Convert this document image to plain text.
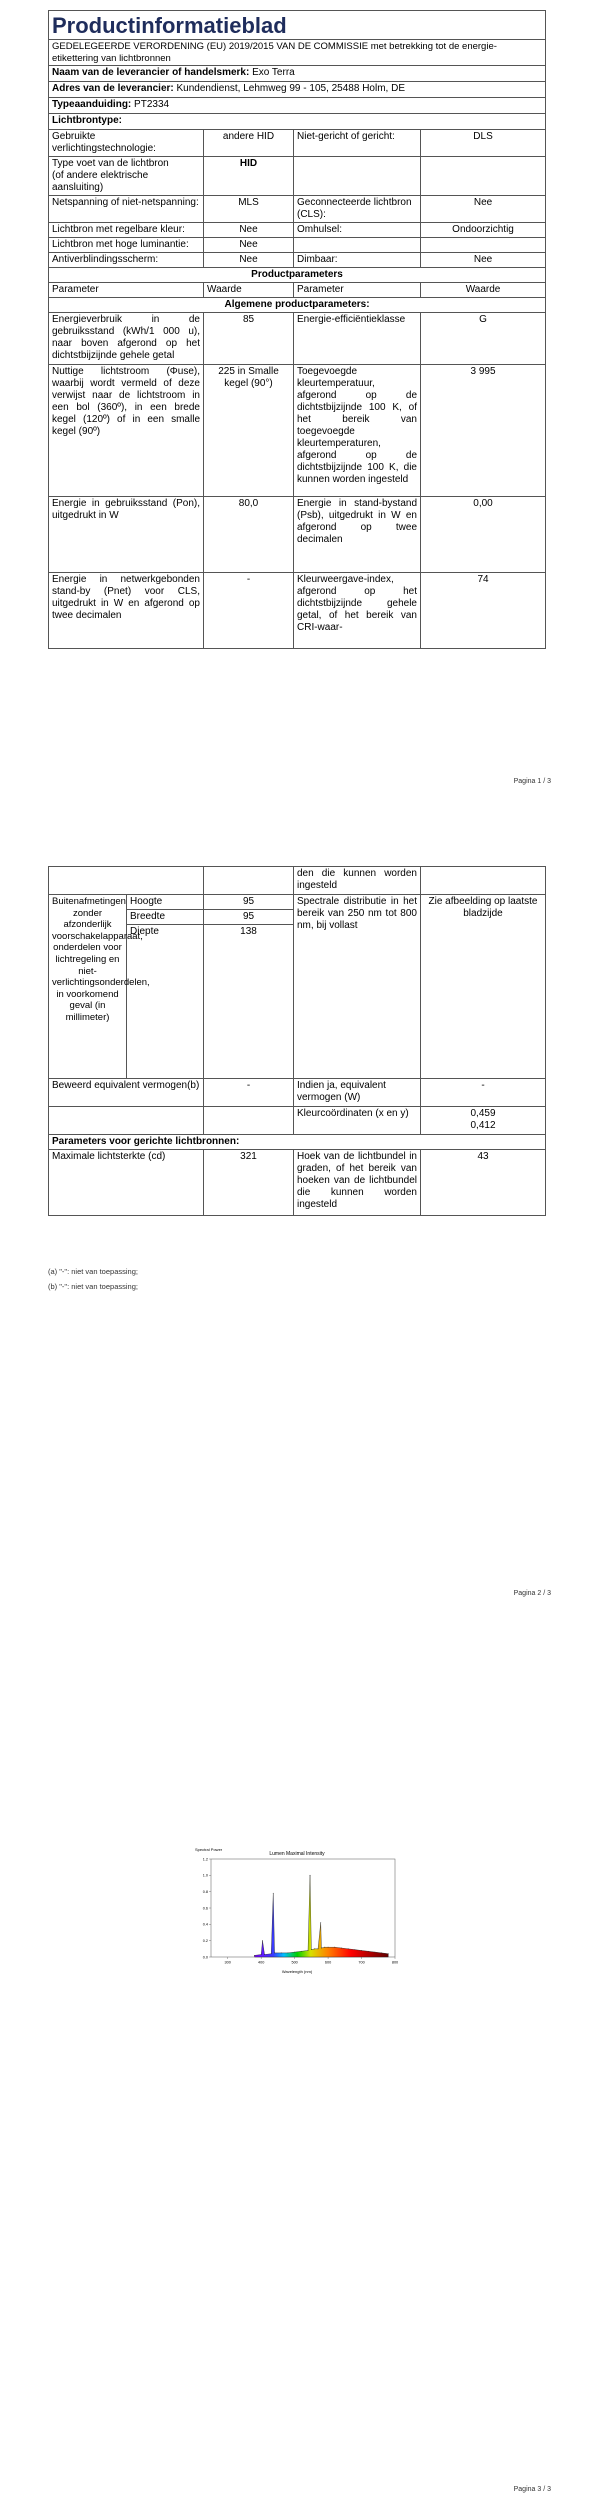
Productinformatieblad			
GEDELEGEERDE VERORDENING (EU) 2019/2015 VAN DE COMMISSIE met betrekking tot de energie-etikettering van lichtbronnen			
Naam van de leverancier of handelsmerk: Exo Terra			
Adres van de leverancier: Kundendienst, Lehmweg 99 - 105, 25488 Holm, DE			
Typeaanduiding: PT2334			
Lichtbrontype:			
Gebruikte verlichtingstechnologie:	andere HID	Niet-gericht of gericht:	DLS
Type voet van de lichtbron
(of andere elektrische aansluiting)	HID		
Netspanning of niet-netspanning:	MLS	Geconnecteerde lichtbron (CLS):	Nee
Lichtbron met regelbare kleur:	Nee	Omhulsel:	Ondoorzichtig
Lichtbron met hoge luminantie:	Nee		
Antiverblindingsscherm:	Nee	Dimbaar:	Nee
Productparameters			
Parameter	Waarde	Parameter	Waarde
Algemene productparameters:			
Energieverbruik in de gebruiksstand (kWh/1 000 u), naar boven afgerond op het dichtstbijzijnde gehele getal	85	Energie-efficiëntieklasse	G
Nuttige lichtstroom (Φuse), waarbij wordt vermeld of deze verwijst naar de lichtstroom in een bol (360º), in een brede kegel (120º) of in een smalle kegel (90º)	225 in Smalle kegel (90°)	Toegevoegde kleurtemperatuur, afgerond op de dichtstbijzijnde 100 K, of het bereik van toegevoegde kleurtemperaturen, afgerond op de dichtstbijzijnde 100 K, die kunnen worden ingesteld	3 995
Energie in gebruiksstand (Pon), uitgedrukt in W	80,0	Energie in stand-bystand (Psb), uitgedrukt in W en afgerond op twee decimalen	0,00
Energie in netwerkgebonden stand-by (Pnet) voor CLS, uitgedrukt in W en afgerond op twee decimalen	-	Kleurweergave-index, afgerond op het dichtstbijzijnde gehele getal, of het bereik van CRI-waar-	74
Pagina 1 / 3
			den die kunnen worden ingesteld	
Buitenafmetingen zonder afzonderlijk voorschakelapparaat, onderdelen voor lichtregeling en niet-verlichtingsonderdelen, in voorkomend geval (in millimeter)	Hoogte	95	Spectrale distributie in het bereik van 250 nm tot 800 nm, bij vollast	Zie afbeelding op laatste bladzijde
	Breedte	95		
	Diepte	138		
Beweerd equivalent vermogen(b)		-	Indien ja, equivalent vermogen (W)	-
			Kleurcoördinaten (x en y)	0,459
0,412

Parameters voor gerichte lichtbronnen:				
Maximale lichtsterkte (cd)		321	Hoek van de lichtbundel in graden, of het bereik van hoeken van de lichtbundel die kunnen worden ingesteld	43
(a) "-": niet van toepassing;
(b) "-": niet van toepassing;
Pagina 2 / 3
Pagina 3 / 3
Lumen Maximal Intensity
Spectral Power
Wavelength (nm)
0.0
0.2
0.4
0.6
0.8
1.0
1.2
300	400	500	600	700	800
